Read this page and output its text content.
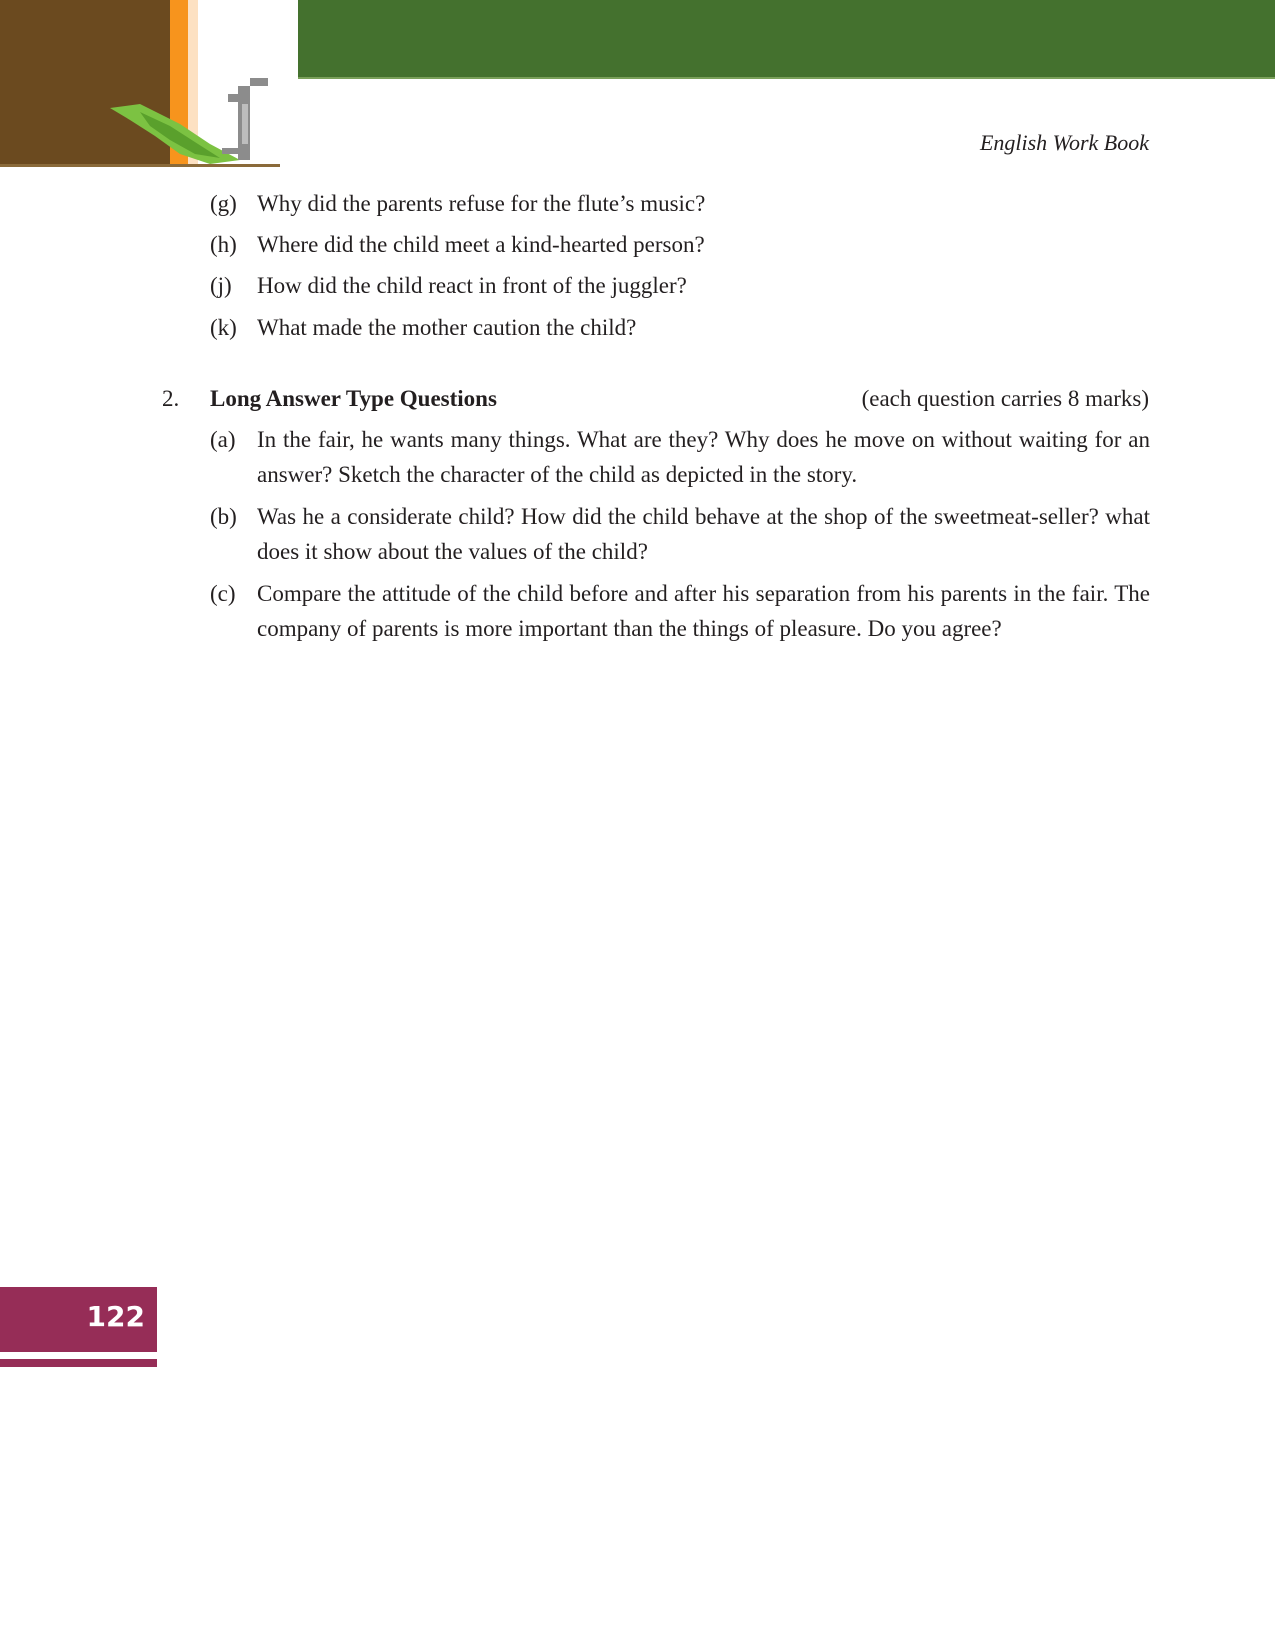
English Work Book
(g) Why did the parents refuse for the flute’s music?
(h) Where did the child meet a kind-hearted person?
(j)	How did the child react in front of the juggler?
(k) What made the mother caution the child?
2. Long Answer Type Questions	(each question carries 8 marks)
(a) In the fair, he wants many things. What are they? Why does he move on without waiting for an answer? Sketch the character of the child as depicted in the story.
(b) Was he a considerate child? How did the child behave at the shop of the sweetmeat-seller? what does it show about the values of the child?
(c) Compare the attitude of the child before and after his separation from his parents in the fair. The company of parents is more important than the things of pleasure. Do you agree?
122
